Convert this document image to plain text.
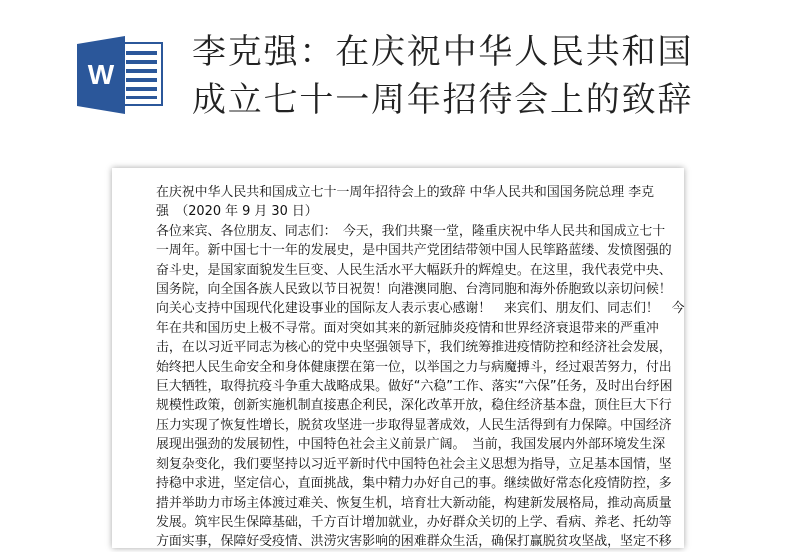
W
李克强：在庆祝中华人民共和国
成立七十一周年招待会上的致辞
在庆祝中华人民共和国成立七十一周年招待会上的致辞 中华人民共和国国务院总理 李克
强　（2020 年 9 月 30 日）
各位来宾、各位朋友、同志们：　今天，我们共聚一堂，隆重庆祝中华人民共和国成立七十
一周年。新中国七十一年的发展史，是中国共产党团结带领中国人民筚路蓝缕、发愤图强的
奋斗史，是国家面貌发生巨变、人民生活水平大幅跃升的辉煌史。在这里，我代表党中央、
国务院，向全国各族人民致以节日祝贺！向港澳同胞、台湾同胞和海外侨胞致以亲切问候！
向关心支持中国现代化建设事业的国际友人表示衷心感谢！　来宾们、朋友们、同志们！　今
年在共和国历史上极不寻常。面对突如其来的新冠肺炎疫情和世界经济衰退带来的严重冲
击，在以习近平同志为核心的党中央坚强领导下，我们统筹推进疫情防控和经济社会发展，
始终把人民生命安全和身体健康摆在第一位，以举国之力与病魔搏斗，经过艰苦努力，付出
巨大牺牲，取得抗疫斗争重大战略成果。做好“六稳”工作、落实“六保”任务，及时出台纾困
规模性政策，创新实施机制直接惠企利民，深化改革开放，稳住经济基本盘，顶住巨大下行
压力实现了恢复性增长，脱贫攻坚进一步取得显著成效，人民生活得到有力保障。中国经济
展现出强劲的发展韧性，中国特色社会主义前景广阔。　当前，我国发展内外部环境发生深
刻复杂变化，我们要坚持以习近平新时代中国特色社会主义思想为指导，立足基本国情，坚
持稳中求进，坚定信心，直面挑战，集中精力办好自己的事。继续做好常态化疫情防控，多
措并举助力市场主体渡过难关、恢复生机，培育壮大新动能，构建新发展格局，推动高质量
发展。筑牢民生保障基础，千方百计增加就业，办好群众关切的上学、看病、养老、托幼等
方面实事，保障好受疫情、洪涝灾害影响的困难群众生活，确保打赢脱贫攻坚战，坚定不移
